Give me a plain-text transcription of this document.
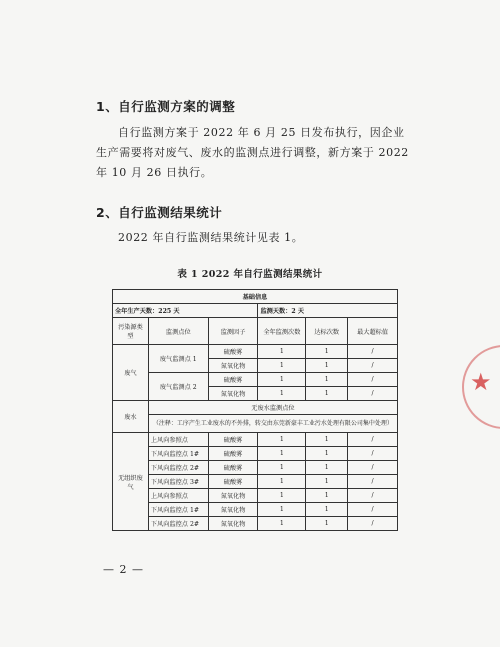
1、自行监测方案的调整
自行监测方案于 2022 年 6 月 25 日发布执行，因企业生产需要将对废气、废水的监测点进行调整，新方案于 2022 年 10 月 26 日执行。
2、自行监测结果统计
2022 年自行监测结果统计见表 1。
表 1 2022 年自行监测结果统计
基础信息					
全年生产天数：225 天			监测天数：2 天		
污染源类型	监测点位	监测因子	全年监测次数	达标次数	最大超标值
废气	废气监测点 1	硫酸雾	1	1	/
		氮氧化物	1	1	/
	废气监测点 2	硫酸雾	1	1	/
		氮氧化物	1	1	/
废水	无废水监测点位				
	（注释：工序产生工业废水的不外排，转交由东莞新豪丰工业污水处理有限公司集中处理）				
无组织废气	上风向参照点	硫酸雾	1	1	/
	下风向监控点 1#	硫酸雾	1	1	/
	下风向监控点 2#	硫酸雾	1	1	/
	下风向监控点 3#	硫酸雾	1	1	/
	上风向参照点	氮氧化物	1	1	/
	下风向监控点 1#	氮氧化物	1	1	/
	下风向监控点 2#	氮氧化物	1	1	/
— 2 —
★
